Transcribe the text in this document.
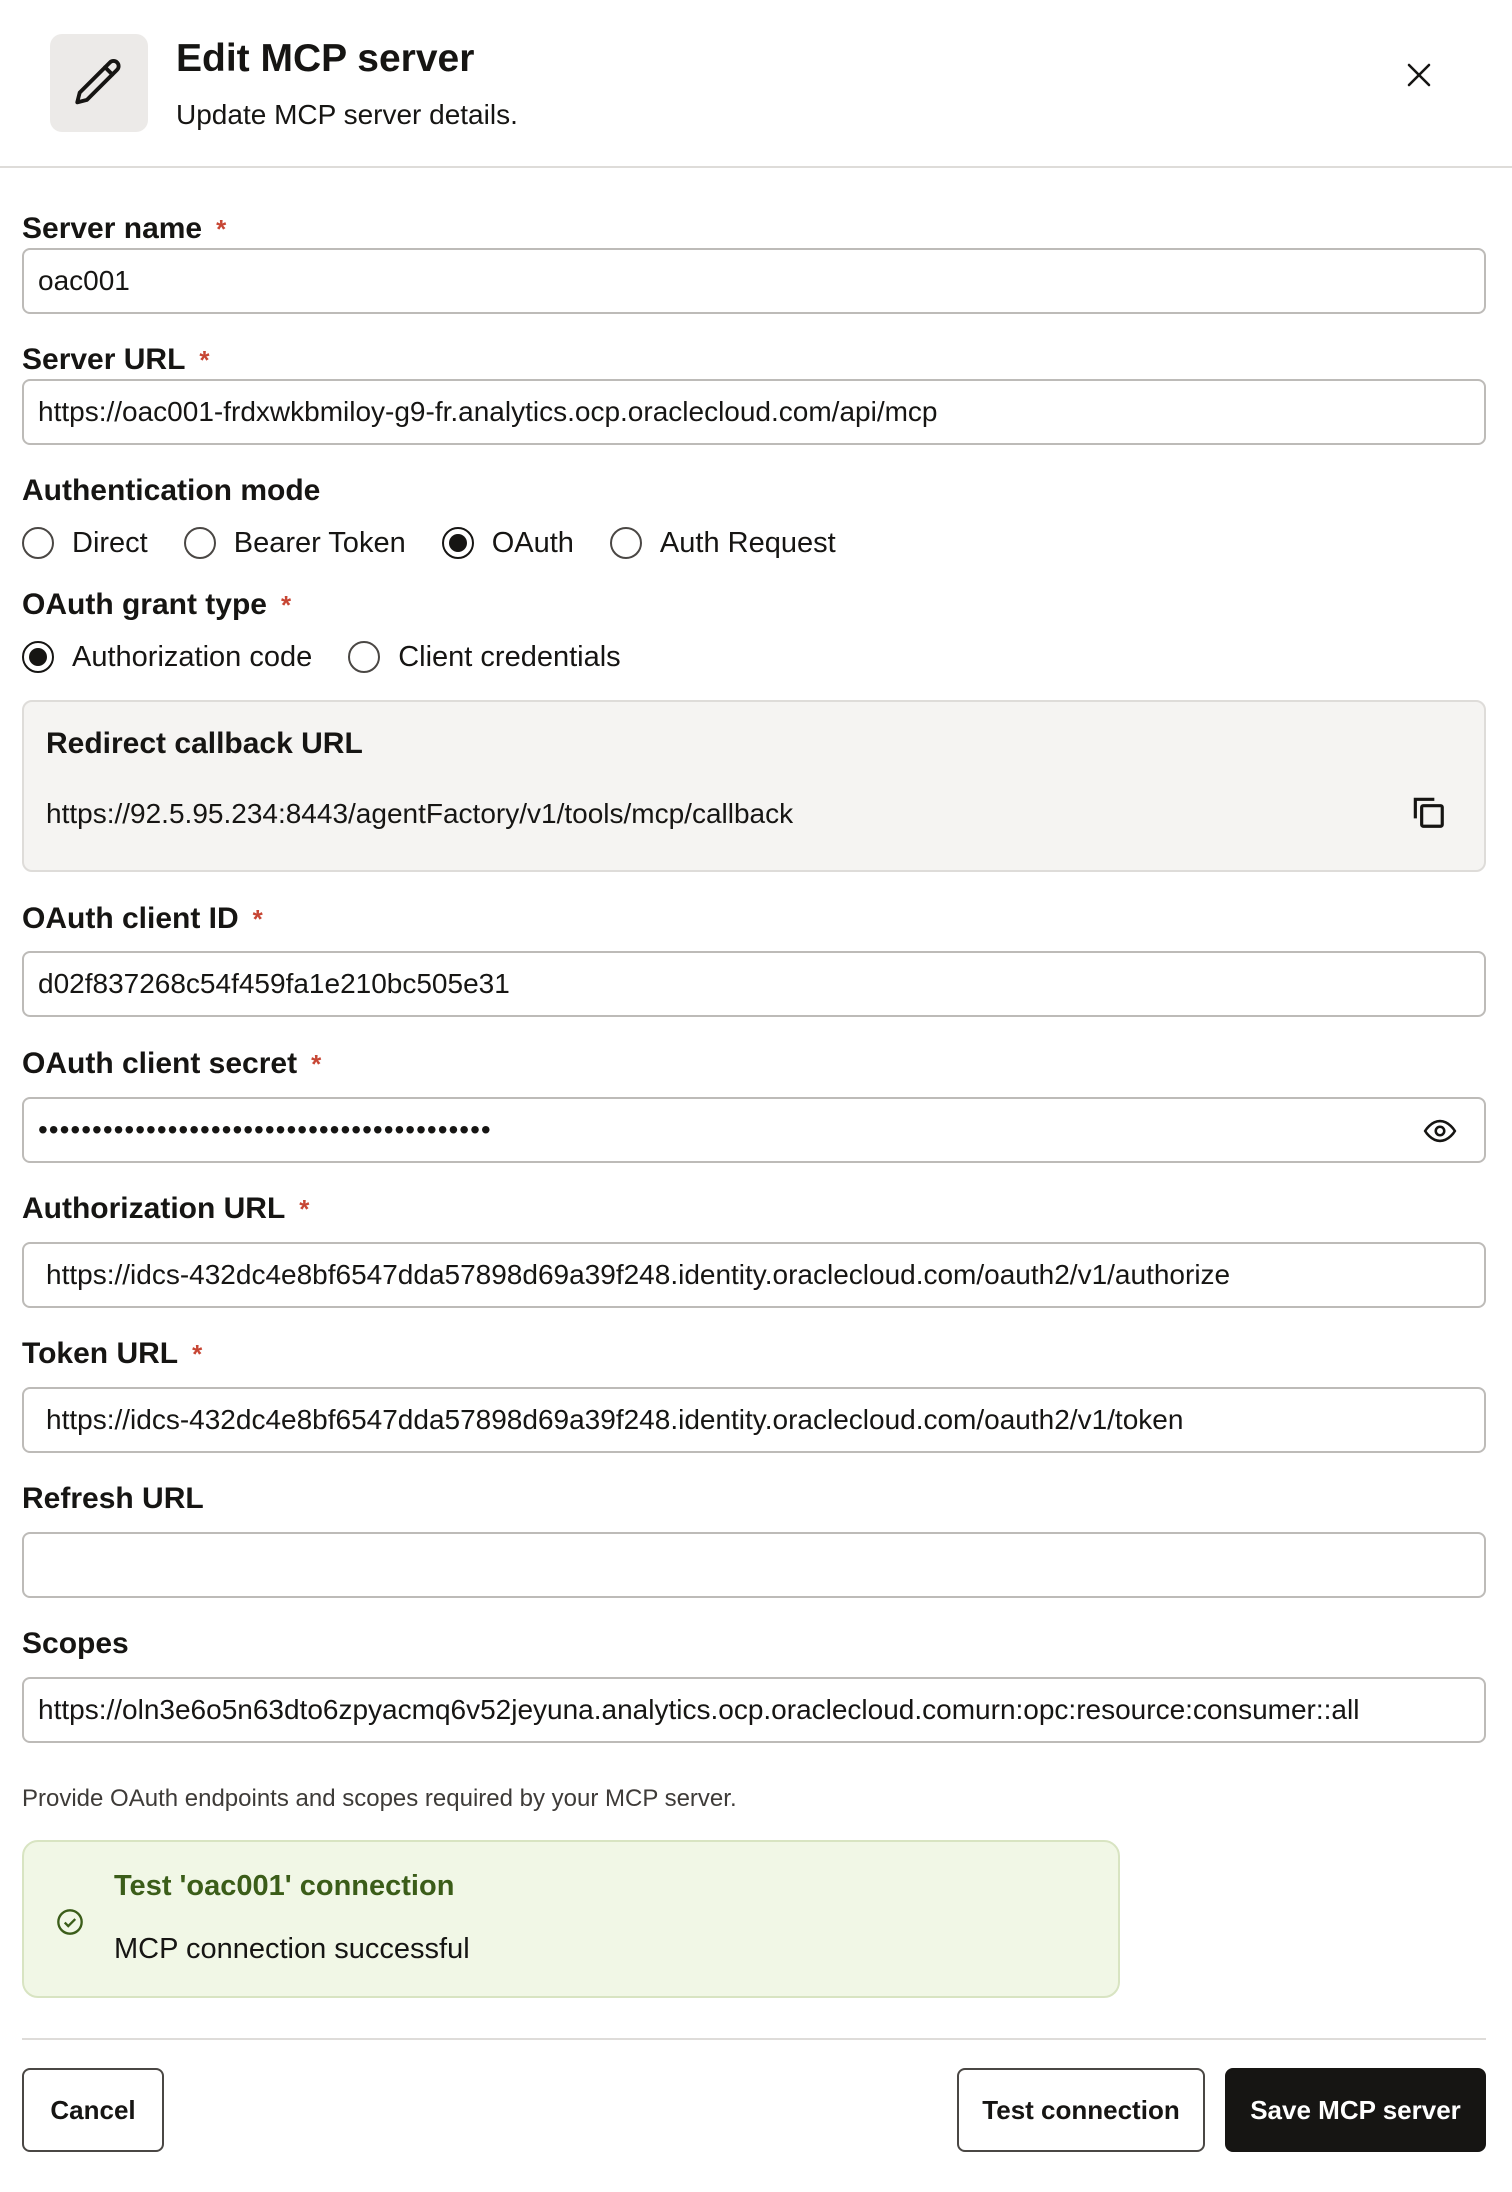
Edit MCP server
Update MCP server details.
Server name *
oac001
Server URL *
https://oac001-frdxwkbmiloy-g9-fr.analytics.ocp.oraclecloud.com/api/mcp
Authentication mode
Direct	Bearer Token	OAuth	Auth Request
OAuth grant type *
Authorization code	Client credentials
Redirect callback URL
https://92.5.95.234:8443/agentFactory/v1/tools/mcp/callback
OAuth client ID *
d02f837268c54f459fa1e210bc505e31
OAuth client secret *
••••••••••••••••••••••••••••••••••••••••••
Authorization URL *
https://idcs-432dc4e8bf6547dda57898d69a39f248.identity.oraclecloud.com/oauth2/v1/authorize
Token URL *
https://idcs-432dc4e8bf6547dda57898d69a39f248.identity.oraclecloud.com/oauth2/v1/token
Refresh URL
Scopes
https://oln3e6o5n63dto6zpyacmq6v52jeyuna.analytics.ocp.oraclecloud.comurn:opc:resource:consumer::all
Provide OAuth endpoints and scopes required by your MCP server.
Test 'oac001' connection
MCP connection successful
Cancel	Test connection	Save MCP server
